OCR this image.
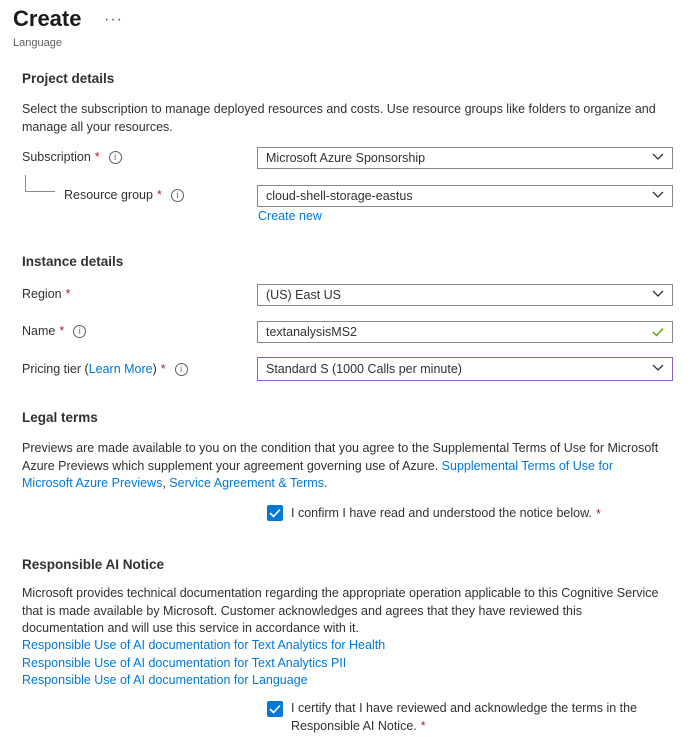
Create ···
Language
Project details
Select the subscription to manage deployed resources and costs. Use resource groups like folders to organize and manage all your resources.
Subscription *	i	Microsoft Azure Sponsorship
Resource group *	i	cloud-shell-storage-eastus
Create new
Instance details
Region *	(US) East US
Name *	i	textanalysisMS2
Pricing tier ( Learn More ) *	i	Standard S (1000 Calls per minute)
Legal terms
Previews are made available to you on the condition that you agree to the Supplemental Terms of Use for Microsoft Azure Previews which supplement your agreement governing use of Azure. Supplemental Terms of Use for Microsoft Azure Previews, Service Agreement & Terms.
I confirm I have read and understood the notice below. *
Responsible AI Notice
Microsoft provides technical documentation regarding the appropriate operation applicable to this Cognitive Service that is made available by Microsoft. Customer acknowledges and agrees that they have reviewed this documentation and will use this service in accordance with it.
Responsible Use of AI documentation for Text Analytics for Health
Responsible Use of AI documentation for Text Analytics PII
Responsible Use of AI documentation for Language
I certify that I have reviewed and acknowledge the terms in the
Responsible AI Notice. *
